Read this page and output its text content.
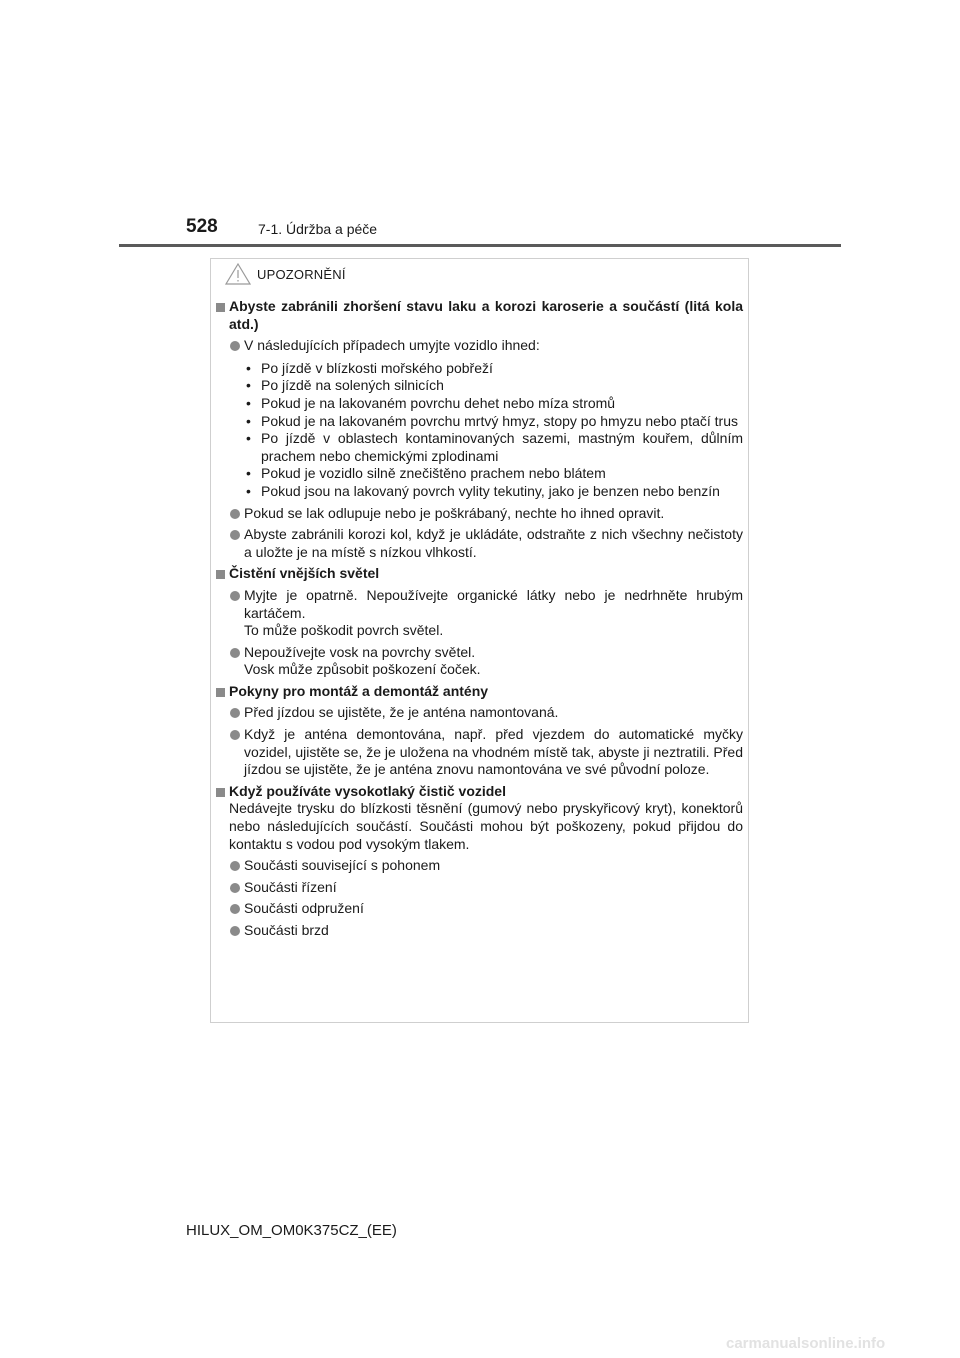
528	7-1. Údržba a péče
UPOZORNĚNÍ
Abyste zabránili zhoršení stavu laku a korozi karoserie a součástí (litá kola atd.)
V následujících případech umyjte vozidlo ihned:
• Po jízdě v blízkosti mořského pobřeží
• Po jízdě na solených silnicích
• Pokud je na lakovaném povrchu dehet nebo míza stromů
• Pokud je na lakovaném povrchu mrtvý hmyz, stopy po hmyzu nebo ptačí trus
• Po jízdě v oblastech kontaminovaných sazemi, mastným kouřem, důlním prachem nebo chemickými zplodinami
• Pokud je vozidlo silně znečištěno prachem nebo blátem
• Pokud jsou na lakovaný povrch vylity tekutiny, jako je benzen nebo benzín
Pokud se lak odlupuje nebo je poškrábaný, nechte ho ihned opravit.
Abyste zabránili korozi kol, když je ukládáte, odstraňte z nich všechny nečistoty a uložte je na místě s nízkou vlhkostí.
Čistění vnějších světel
Myjte je opatrně. Nepoužívejte organické látky nebo je nedrhněte hrubým kartáčem.
To může poškodit povrch světel.
Nepoužívejte vosk na povrchy světel.
Vosk může způsobit poškození čoček.
Pokyny pro montáž a demontáž antény
Před jízdou se ujistěte, že je anténa namontovaná.
Když je anténa demontována, např. před vjezdem do automatické myčky vozidel, ujistěte se, že je uložena na vhodném místě tak, abyste ji neztratili. Před jízdou se ujistěte, že je anténa znovu namontována ve své původní poloze.
Když používáte vysokotlaký čistič vozidel
Nedávejte trysku do blízkosti těsnění (gumový nebo pryskyřicový kryt), konektorů nebo následujících součástí. Součásti mohou být poškozeny, pokud přijdou do kontaktu s vodou pod vysokým tlakem.
Součásti související s pohonem
Součásti řízení
Součásti odpružení
Součásti brzd
HILUX_OM_OM0K375CZ_(EE)
carmanualsonline.info
